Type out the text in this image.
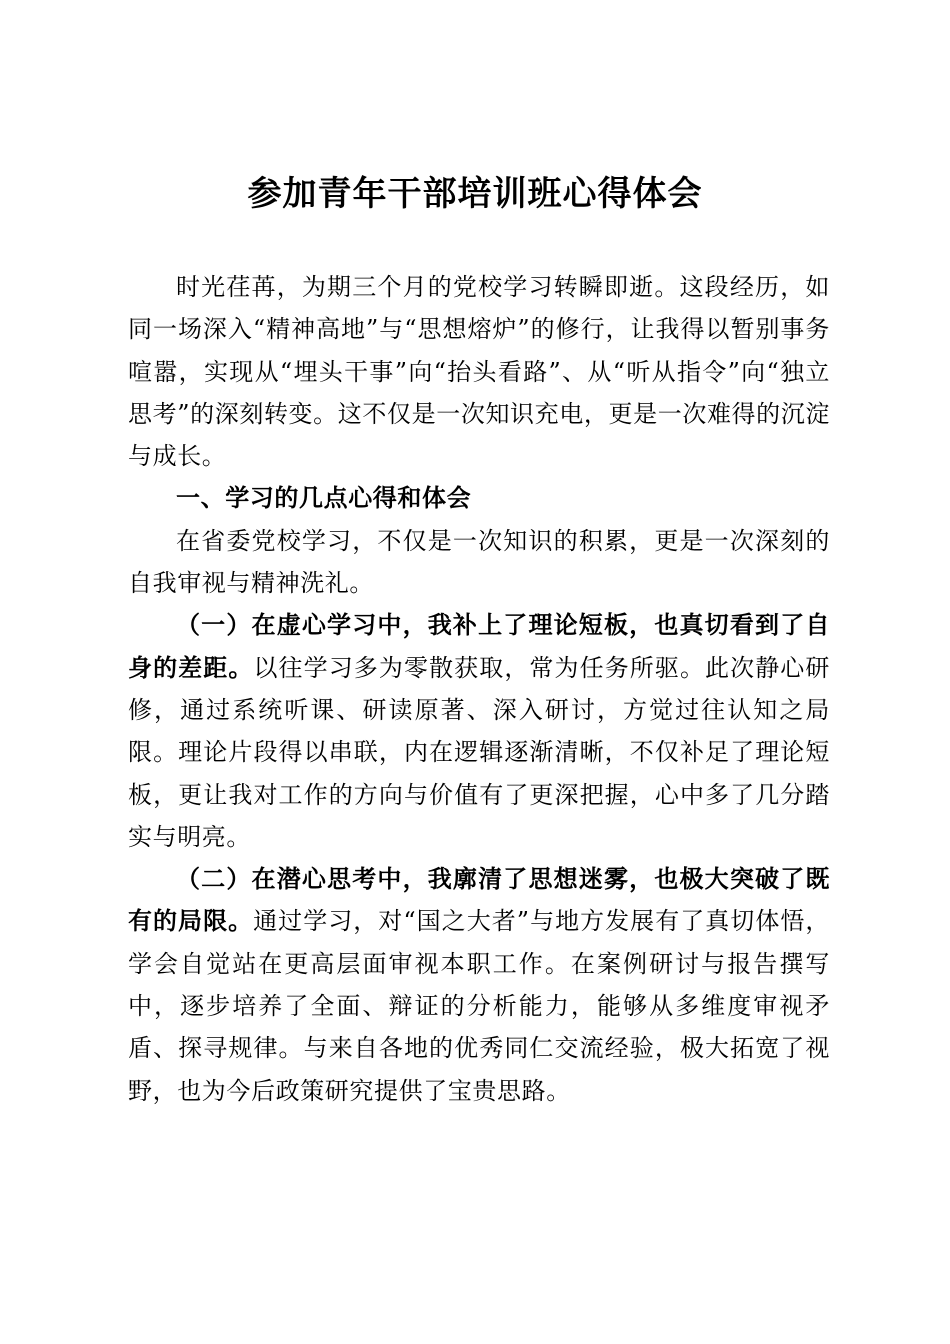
参加青年干部培训班心得体会

时光荏苒，为期三个月的党校学习转瞬即逝。这段经历，如同一场深入“精神高地”与“思想熔炉”的修行，让我得以暂别事务喧嚣，实现从“埋头干事”向“抬头看路”、从“听从指令”向“独立思考”的深刻转变。这不仅是一次知识充电，更是一次难得的沉淀与成长。

一、学习的几点心得和体会

在省委党校学习，不仅是一次知识的积累，更是一次深刻的自我审视与精神洗礼。

（一）在虚心学习中，我补上了理论短板，也真切看到了自身的差距。以往学习多为零散获取，常为任务所驱。此次静心研修，通过系统听课、研读原著、深入研讨，方觉过往认知之局限。理论片段得以串联，内在逻辑逐渐清晰，不仅补足了理论短板，更让我对工作的方向与价值有了更深把握，心中多了几分踏实与明亮。

（二）在潜心思考中，我廓清了思想迷雾，也极大突破了既有的局限。通过学习，对“国之大者”与地方发展有了真切体悟，学会自觉站在更高层面审视本职工作。在案例研讨与报告撰写中，逐步培养了全面、辩证的分析能力，能够从多维度审视矛盾、探寻规律。与来自各地的优秀同仁交流经验，极大拓宽了视野，也为今后政策研究提供了宝贵思路。
